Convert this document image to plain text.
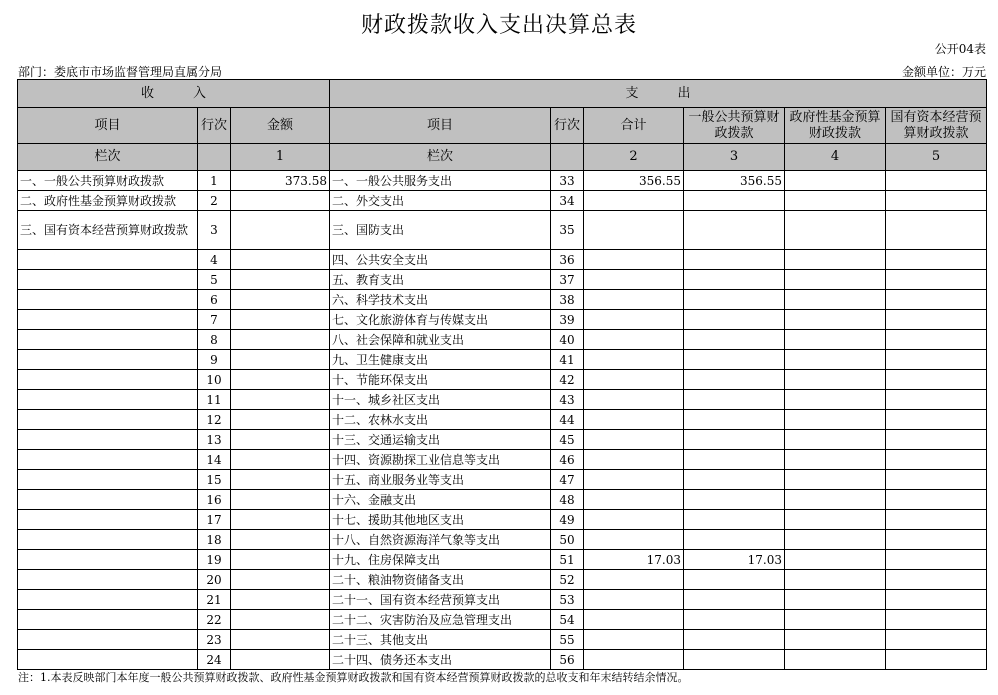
财政拨款收入支出决算总表
公开04表
部门：娄底市市场监督管理局直属分局	金额单位：万元
收　　　入			支　　　出					
项目	行次	金额	项目	行次	合计	一般公共预算财政拨款	政府性基金预算财政拨款	国有资本经营预算财政拨款
栏次		1	栏次		2	3	4	5
一、一般公共预算财政拨款	1	373.58	一、一般公共服务支出	33	356.55	356.55		
二、政府性基金预算财政拨款	2		二、外交支出	34				
三、国有资本经营预算财政拨款	3		三、国防支出	35				
	4		四、公共安全支出	36				
	5		五、教育支出	37				
	6		六、科学技术支出	38				
	7		七、文化旅游体育与传媒支出	39				
	8		八、社会保障和就业支出	40				
	9		九、卫生健康支出	41				
	10		十、节能环保支出	42				
	11		十一、城乡社区支出	43				
	12		十二、农林水支出	44				
	13		十三、交通运输支出	45				
	14		十四、资源勘探工业信息等支出	46				
	15		十五、商业服务业等支出	47				
	16		十六、金融支出	48				
	17		十七、援助其他地区支出	49				
	18		十八、自然资源海洋气象等支出	50				
	19		十九、住房保障支出	51	17.03	17.03		
	20		二十、粮油物资储备支出	52				
	21		二十一、国有资本经营预算支出	53				
	22		二十二、灾害防治及应急管理支出	54				
	23		二十三、其他支出	55				
	24		二十四、债务还本支出	56				
注：1.本表反映部门本年度一般公共预算财政拨款、政府性基金预算财政拨款和国有资本经营预算财政拨款的总收支和年末结转结余情况。
